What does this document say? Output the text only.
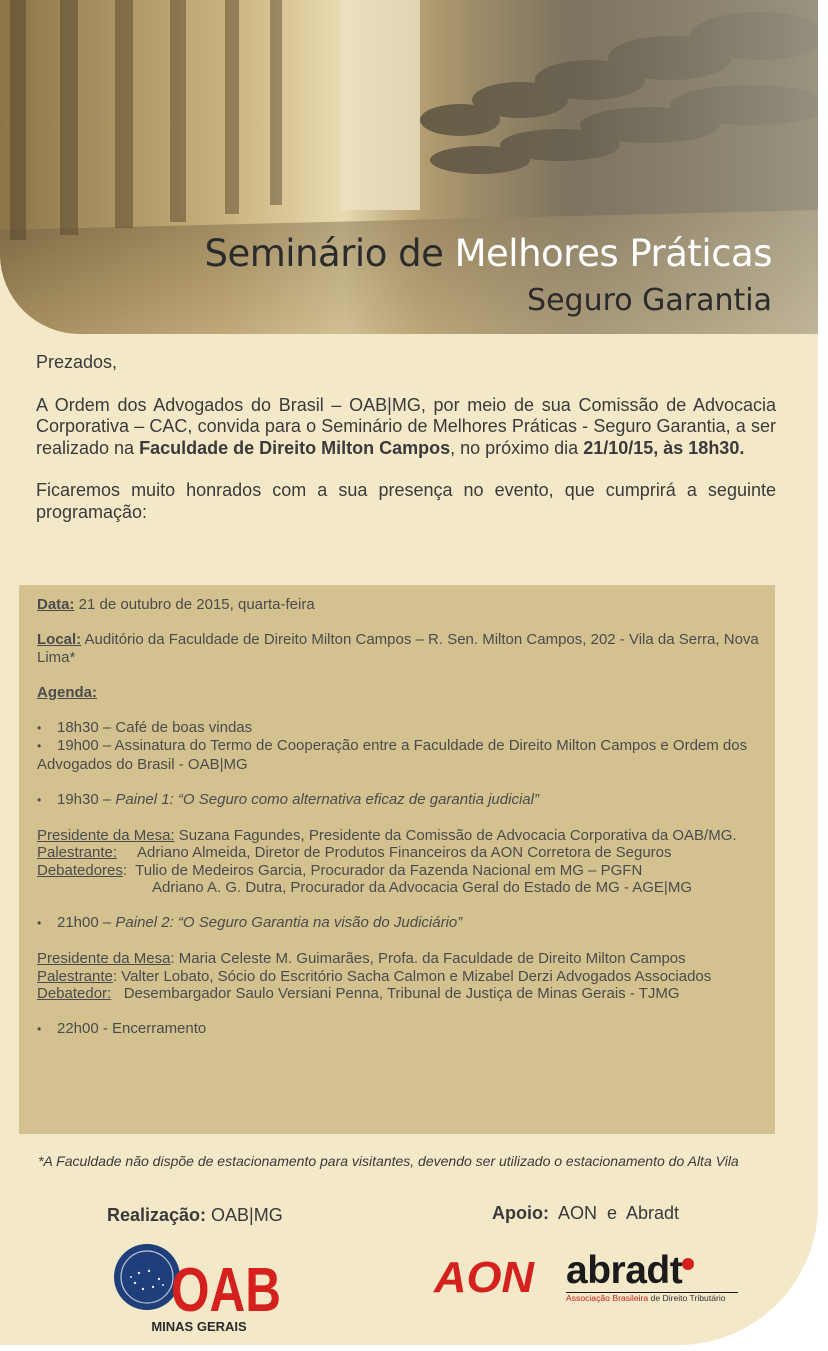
Seminário de Melhores Práticas
Seguro Garantia

Prezados,

A Ordem dos Advogados do Brasil – OAB|MG, por meio de sua Comissão de Advocacia Corporativa – CAC, convida para o Seminário de Melhores Práticas - Seguro Garantia, a ser realizado na Faculdade de Direito Milton Campos, no próximo dia 21/10/15, às 18h30.

Ficaremos muito honrados com a sua presença no evento, que cumprirá a seguinte programação:

Data: 21 de outubro de 2015, quarta-feira
Local: Auditório da Faculdade de Direito Milton Campos – R. Sen. Milton Campos, 202 - Vila da Serra, Nova Lima*
Agenda:
• 18h30 – Café de boas vindas
• 19h00 – Assinatura do Termo de Cooperação entre a Faculdade de Direito Milton Campos e Ordem dos Advogados do Brasil - OAB|MG
• 19h30 – Painel 1: “O Seguro como alternativa eficaz de garantia judicial”
Presidente da Mesa: Suzana Fagundes, Presidente da Comissão de Advocacia Corporativa da OAB/MG.
Palestrante:     Adriano Almeida, Diretor de Produtos Financeiros da AON Corretora de Seguros
Debatedores:  Tulio de Medeiros Garcia, Procurador da Fazenda Nacional em MG – PGFN
Adriano A. G. Dutra, Procurador da Advocacia Geral do Estado de MG - AGE|MG
• 21h00 – Painel 2: “O Seguro Garantia na visão do Judiciário”
Presidente da Mesa: Maria Celeste M. Guimarães, Profa. da Faculdade de Direito Milton Campos
Palestrante: Valter Lobato, Sócio do Escritório Sacha Calmon e Mizabel Derzi Advogados Associados
Debatedor:   Desembargador Saulo Versiani Penna, Tribunal de Justiça de Minas Gerais - TJMG
• 22h00 - Encerramento
*A Faculdade não dispõe de estacionamento para visitantes, devendo ser utilizado o estacionamento do Alta Vila
Realização: OAB|MG	Apoio:  AON  e  Abradt
OAB
MINAS GERAIS
AON abradt
Associação Brasileira de Direito Tributário
